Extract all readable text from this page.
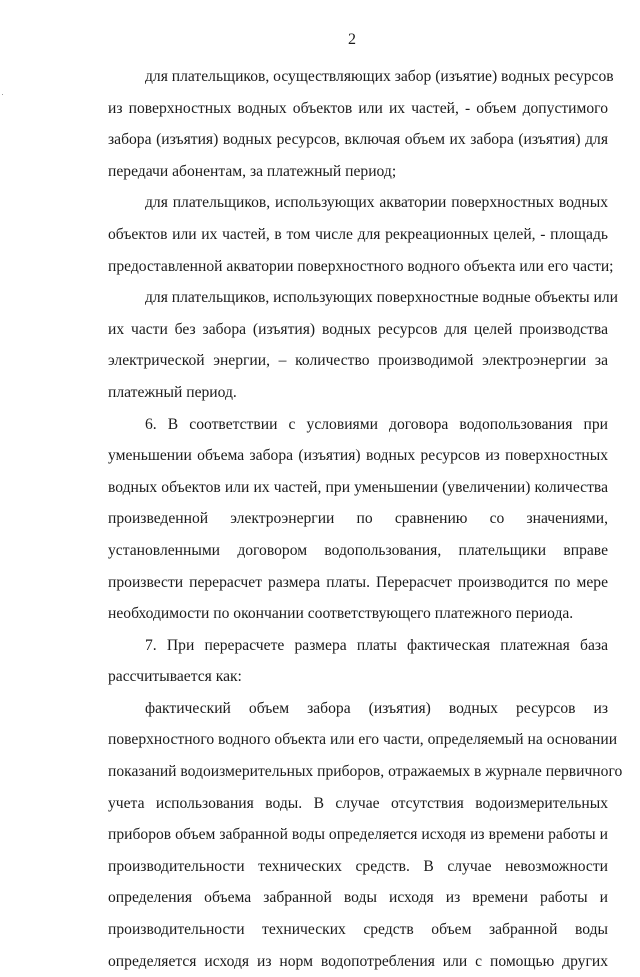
2
для плательщиков, осуществляющих забор (изъятие) водных ресурсов
из поверхностных водных объектов или их частей, - объем допустимого
забора (изъятия) водных ресурсов, включая объем их забора (изъятия) для
передачи абонентам, за платежный период;
для плательщиков, использующих акватории поверхностных водных
объектов или их частей, в том числе для рекреационных целей, - площадь
предоставленной акватории поверхностного водного объекта или его части;
для плательщиков, использующих поверхностные водные объекты или
их части без забора (изъятия) водных ресурсов для целей производства
электрической энергии, – количество производимой электроэнергии за
платежный период.
6. В соответствии с условиями договора водопользования при
уменьшении объема забора (изъятия) водных ресурсов из поверхностных
водных объектов или их частей, при уменьшении (увеличении) количества
произведенной электроэнергии по сравнению со значениями,
установленными договором водопользования, плательщики вправе
произвести перерасчет размера платы. Перерасчет производится по мере
необходимости по окончании соответствующего платежного периода.
7. При перерасчете размера платы фактическая платежная база
рассчитывается как:
фактический объем забора (изъятия) водных ресурсов из
поверхностного водного объекта или его части, определяемый на основании
показаний водоизмерительных приборов, отражаемых в журнале первичного
учета использования воды. В случае отсутствия водоизмерительных
приборов объем забранной воды определяется исходя из времени работы и
производительности технических средств. В случае невозможности
определения объема забранной воды исходя из времени работы и
производительности технических средств объем забранной воды
определяется исходя из норм водопотребления или с помощью других
